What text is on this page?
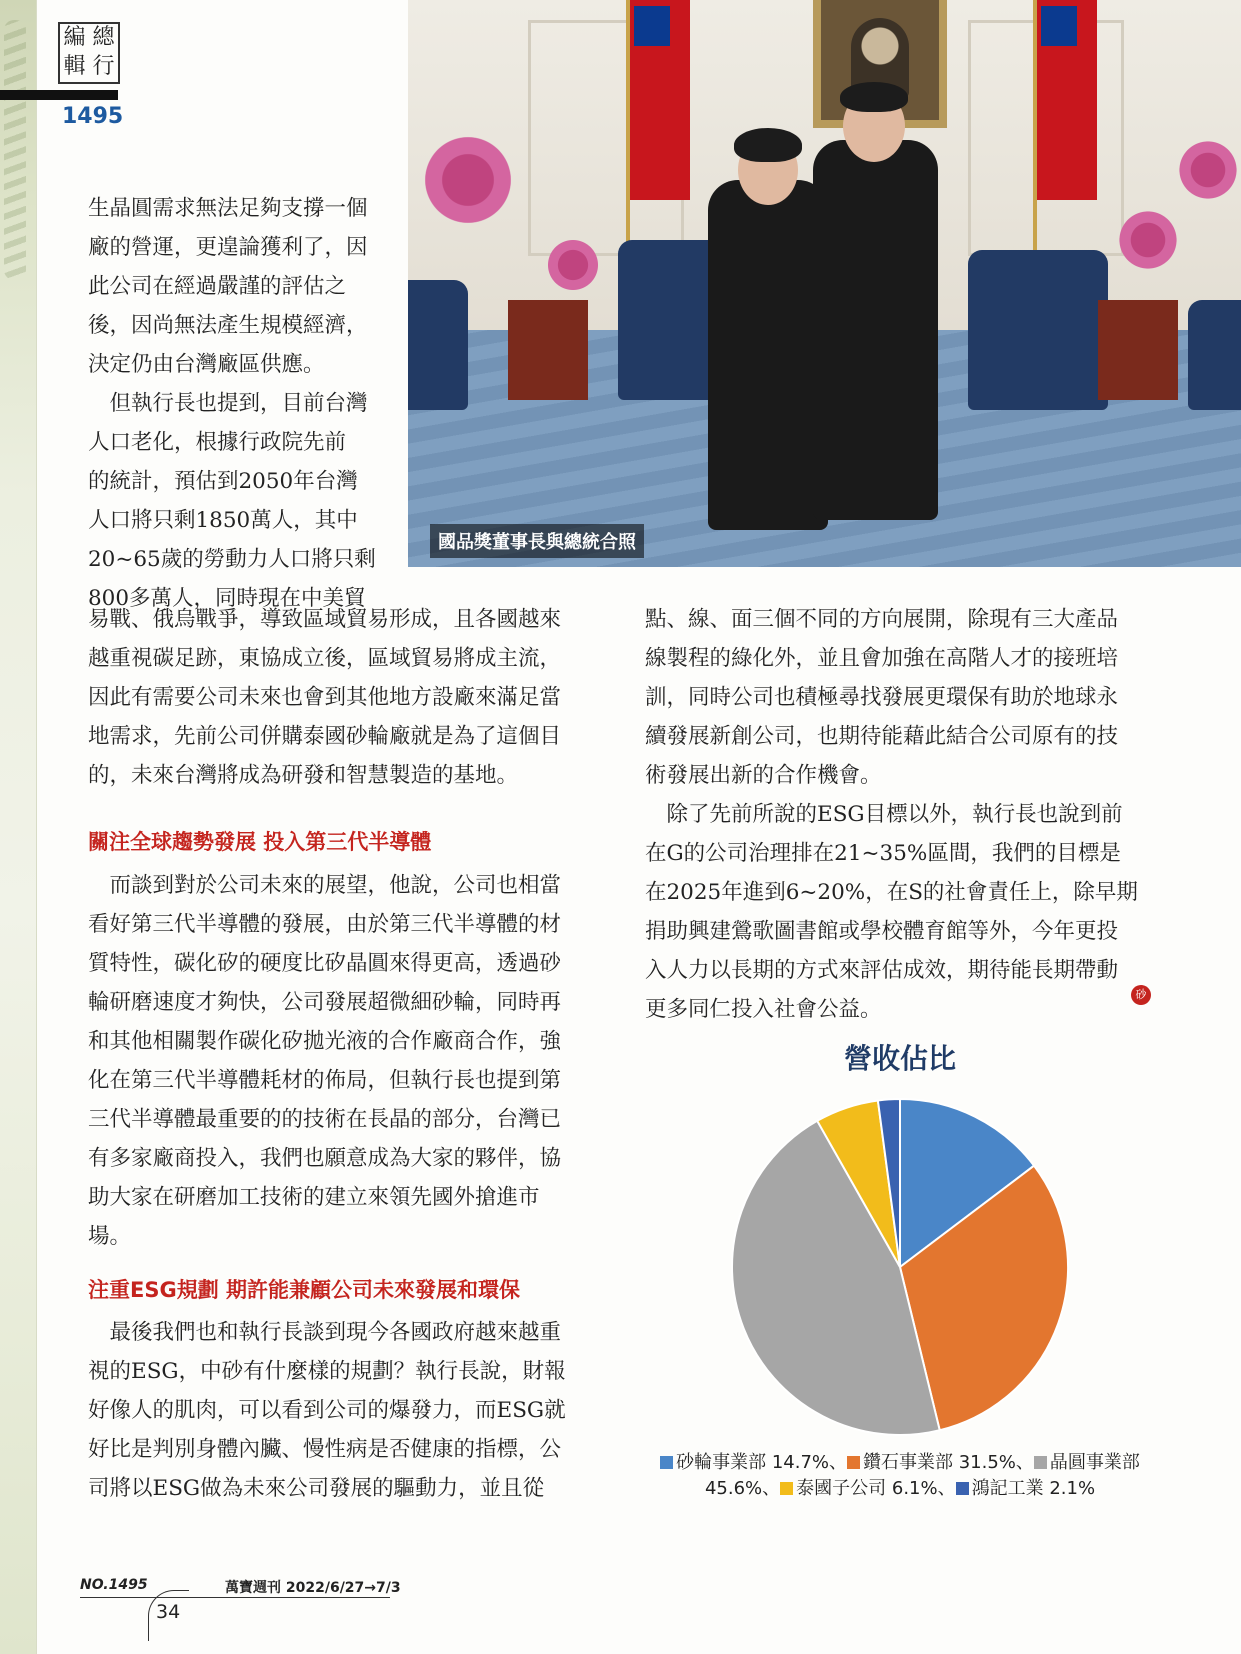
編 總
輯 行
1495
國品獎董事長與總統合照
生晶圓需求無法足夠支撐一個
廠的營運，更遑論獲利了，因
此公司在經過嚴謹的評估之
後，因尚無法產生規模經濟，
決定仍由台灣廠區供應。
　但執行長也提到，目前台灣
人口老化，根據行政院先前
的統計，預估到2050年台灣
人口將只剩1850萬人，其中
20~65歲的勞動力人口將只剩
800多萬人，同時現在中美貿
易戰、俄烏戰爭，導致區域貿易形成，且各國越來
越重視碳足跡，東協成立後，區域貿易將成主流，
因此有需要公司未來也會到其他地方設廠來滿足當
地需求，先前公司併購泰國砂輪廠就是為了這個目
的，未來台灣將成為研發和智慧製造的基地。
關注全球趨勢發展 投入第三代半導體
　而談到對於公司未來的展望，他說，公司也相當
看好第三代半導體的發展，由於第三代半導體的材
質特性，碳化矽的硬度比矽晶圓來得更高，透過砂
輪研磨速度才夠快，公司發展超微細砂輪，同時再
和其他相關製作碳化矽拋光液的合作廠商合作，強
化在第三代半導體耗材的佈局，但執行長也提到第
三代半導體最重要的的技術在長晶的部分，台灣已
有多家廠商投入，我們也願意成為大家的夥伴，協
助大家在研磨加工技術的建立來領先國外搶進市
場。
注重ESG規劃 期許能兼顧公司未來發展和環保
　最後我們也和執行長談到現今各國政府越來越重
視的ESG，中砂有什麼樣的規劃？執行長說，財報
好像人的肌肉，可以看到公司的爆發力，而ESG就
好比是判別身體內臟、慢性病是否健康的指標，公
司將以ESG做為未來公司發展的驅動力，並且從
點、線、面三個不同的方向展開，除現有三大產品
線製程的綠化外，並且會加強在高階人才的接班培
訓，同時公司也積極尋找發展更環保有助於地球永
續發展新創公司，也期待能藉此結合公司原有的技
術發展出新的合作機會。
　除了先前所說的ESG目標以外，執行長也說到前
在G的公司治理排在21~35%區間，我們的目標是
在2025年進到6~20%，在S的社會責任上，除早期
捐助興建鶯歌圖書館或學校體育館等外，今年更投
入人力以長期的方式來評估成效，期待能長期帶動
更多同仁投入社會公益。
砂
營收佔比
砂輪事業部 14.7%、 鑽石事業部 31.5%、 晶圓事業部
45.6%、 泰國子公司 6.1%、 鴻記工業 2.1%
NO.1495	萬寶週刊 2022/6/27→7/3
34
